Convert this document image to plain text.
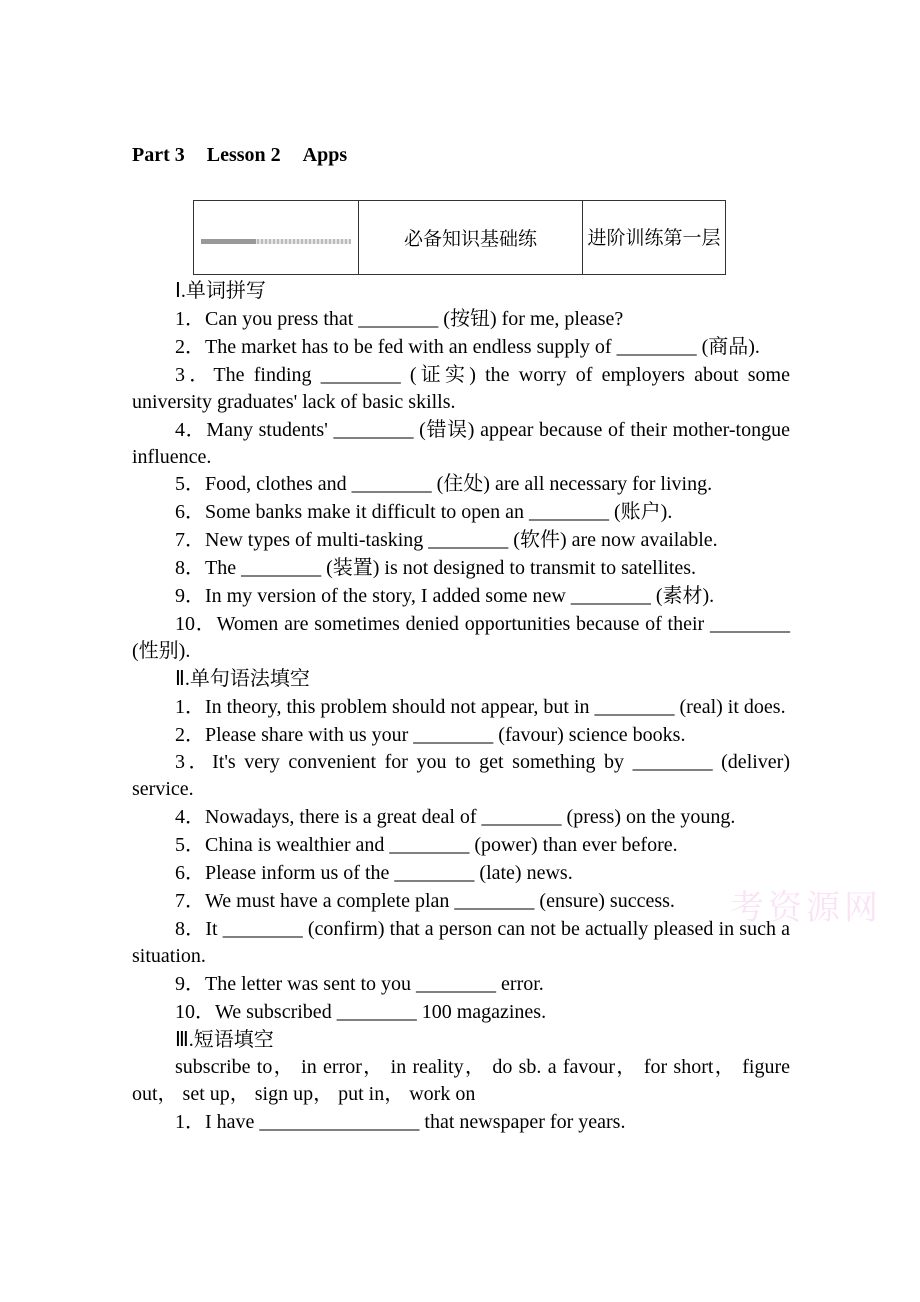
Part 3 Lesson 2 Apps
	必备知识基础练	进阶训练第一层

Ⅰ.单词拼写

1．Can you press that ________ (按钮) for me, please?

2．The market has to be fed with an endless supply of ________ (商品).

3．The finding ________ (证实) the worry of employers about some university graduates' lack of basic skills.

4．Many students' ________ (错误) appear because of their mother-tongue influence.

5．Food, clothes and ________ (住处) are all necessary for living.

6．Some banks make it difficult to open an ________ (账户).

7．New types of multi-tasking ________ (软件) are now available.

8．The ________ (装置) is not designed to transmit to satellites.

9．In my version of the story, I added some new ________ (素材).

10．Women are sometimes denied opportunities because of their ________ (性别).

Ⅱ.单句语法填空

1．In theory, this problem should not appear, but in ________ (real) it does.

2．Please share with us your ________ (favour) science books.

3．It's very convenient for you to get something by ________ (deliver) service.

4．Nowadays, there is a great deal of ________ (press) on the young.

5．China is wealthier and ________ (power) than ever before.

6．Please inform us of the ________ (late) news.

7．We must have a complete plan ________ (ensure) success.

8．It ________ (confirm) that a person can not be actually pleased in such a situation.

9．The letter was sent to you ________ error.

10．We subscribed ________ 100 magazines.

Ⅲ.短语填空

subscribe to， in error， in reality， do sb. a favour， for short， figure out， set up， sign up， put in， work on

1．I have ________________ that newspaper for years.

考资源网
